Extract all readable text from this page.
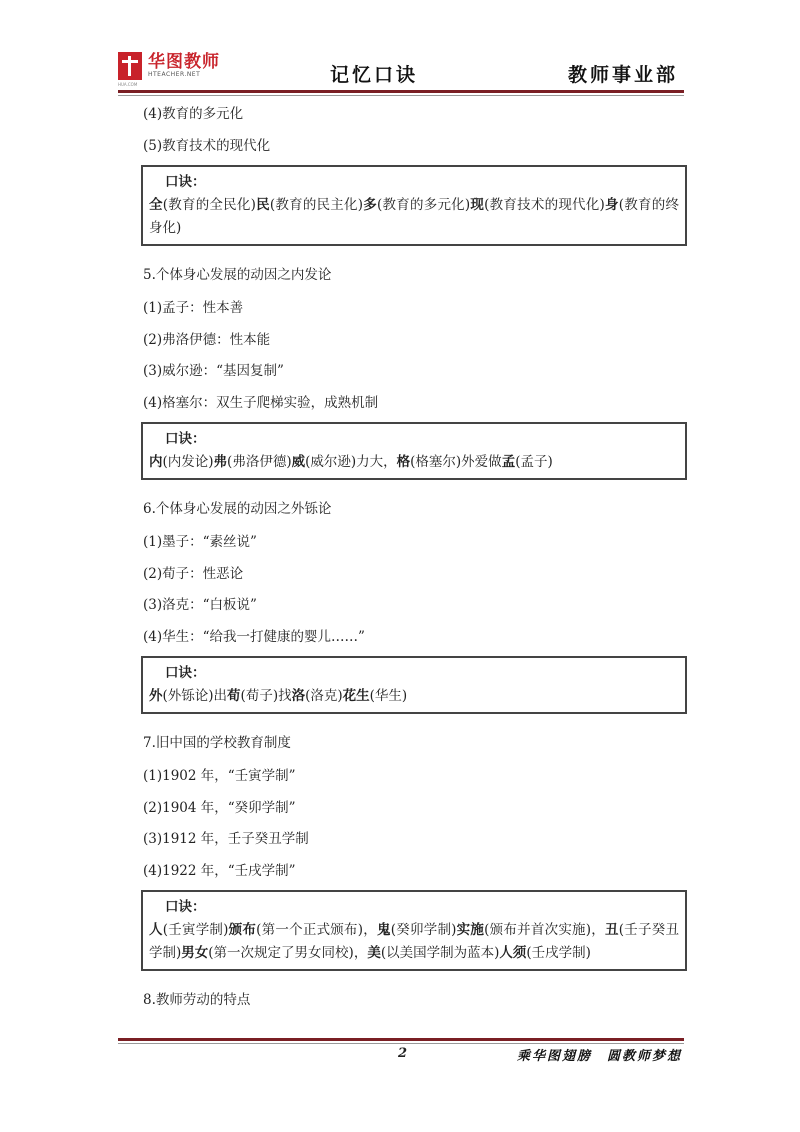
华图教师
HTEACHER.NET
HUA.COM	记忆口诀	教师事业部

(4)教育的多元化

(5)教育技术的现代化

口诀：
全(教育的全民化)民(教育的民主化)多(教育的多元化)现(教育技术的现代化)身(教育的终身化)

5.个体身心发展的动因之内发论

(1)孟子：性本善

(2)弗洛伊德：性本能

(3)威尔逊：“基因复制”

(4)格塞尔：双生子爬梯实验，成熟机制

口诀：
内(内发论)弗(弗洛伊德)威(威尔逊)力大，格(格塞尔)外爱做孟(孟子)

6.个体身心发展的动因之外铄论

(1)墨子：“素丝说”

(2)荀子：性恶论

(3)洛克：“白板说”

(4)华生：“给我一打健康的婴儿……”

口诀：
外(外铄论)出荀(荀子)找洛(洛克)花生(华生)

7.旧中国的学校教育制度

(1)1902 年，“壬寅学制”

(2)1904 年，“癸卯学制”

(3)1912 年，壬子癸丑学制

(4)1922 年，“壬戌学制”

口诀：
人(壬寅学制)颁布(第一个正式颁布)，鬼(癸卯学制)实施(颁布并首次实施)，丑(壬子癸丑学制)男女(第一次规定了男女同校)，美(以美国学制为蓝本)人须(壬戌学制)

8.教师劳动的特点

2	乘华图翅膀　圆教师梦想
